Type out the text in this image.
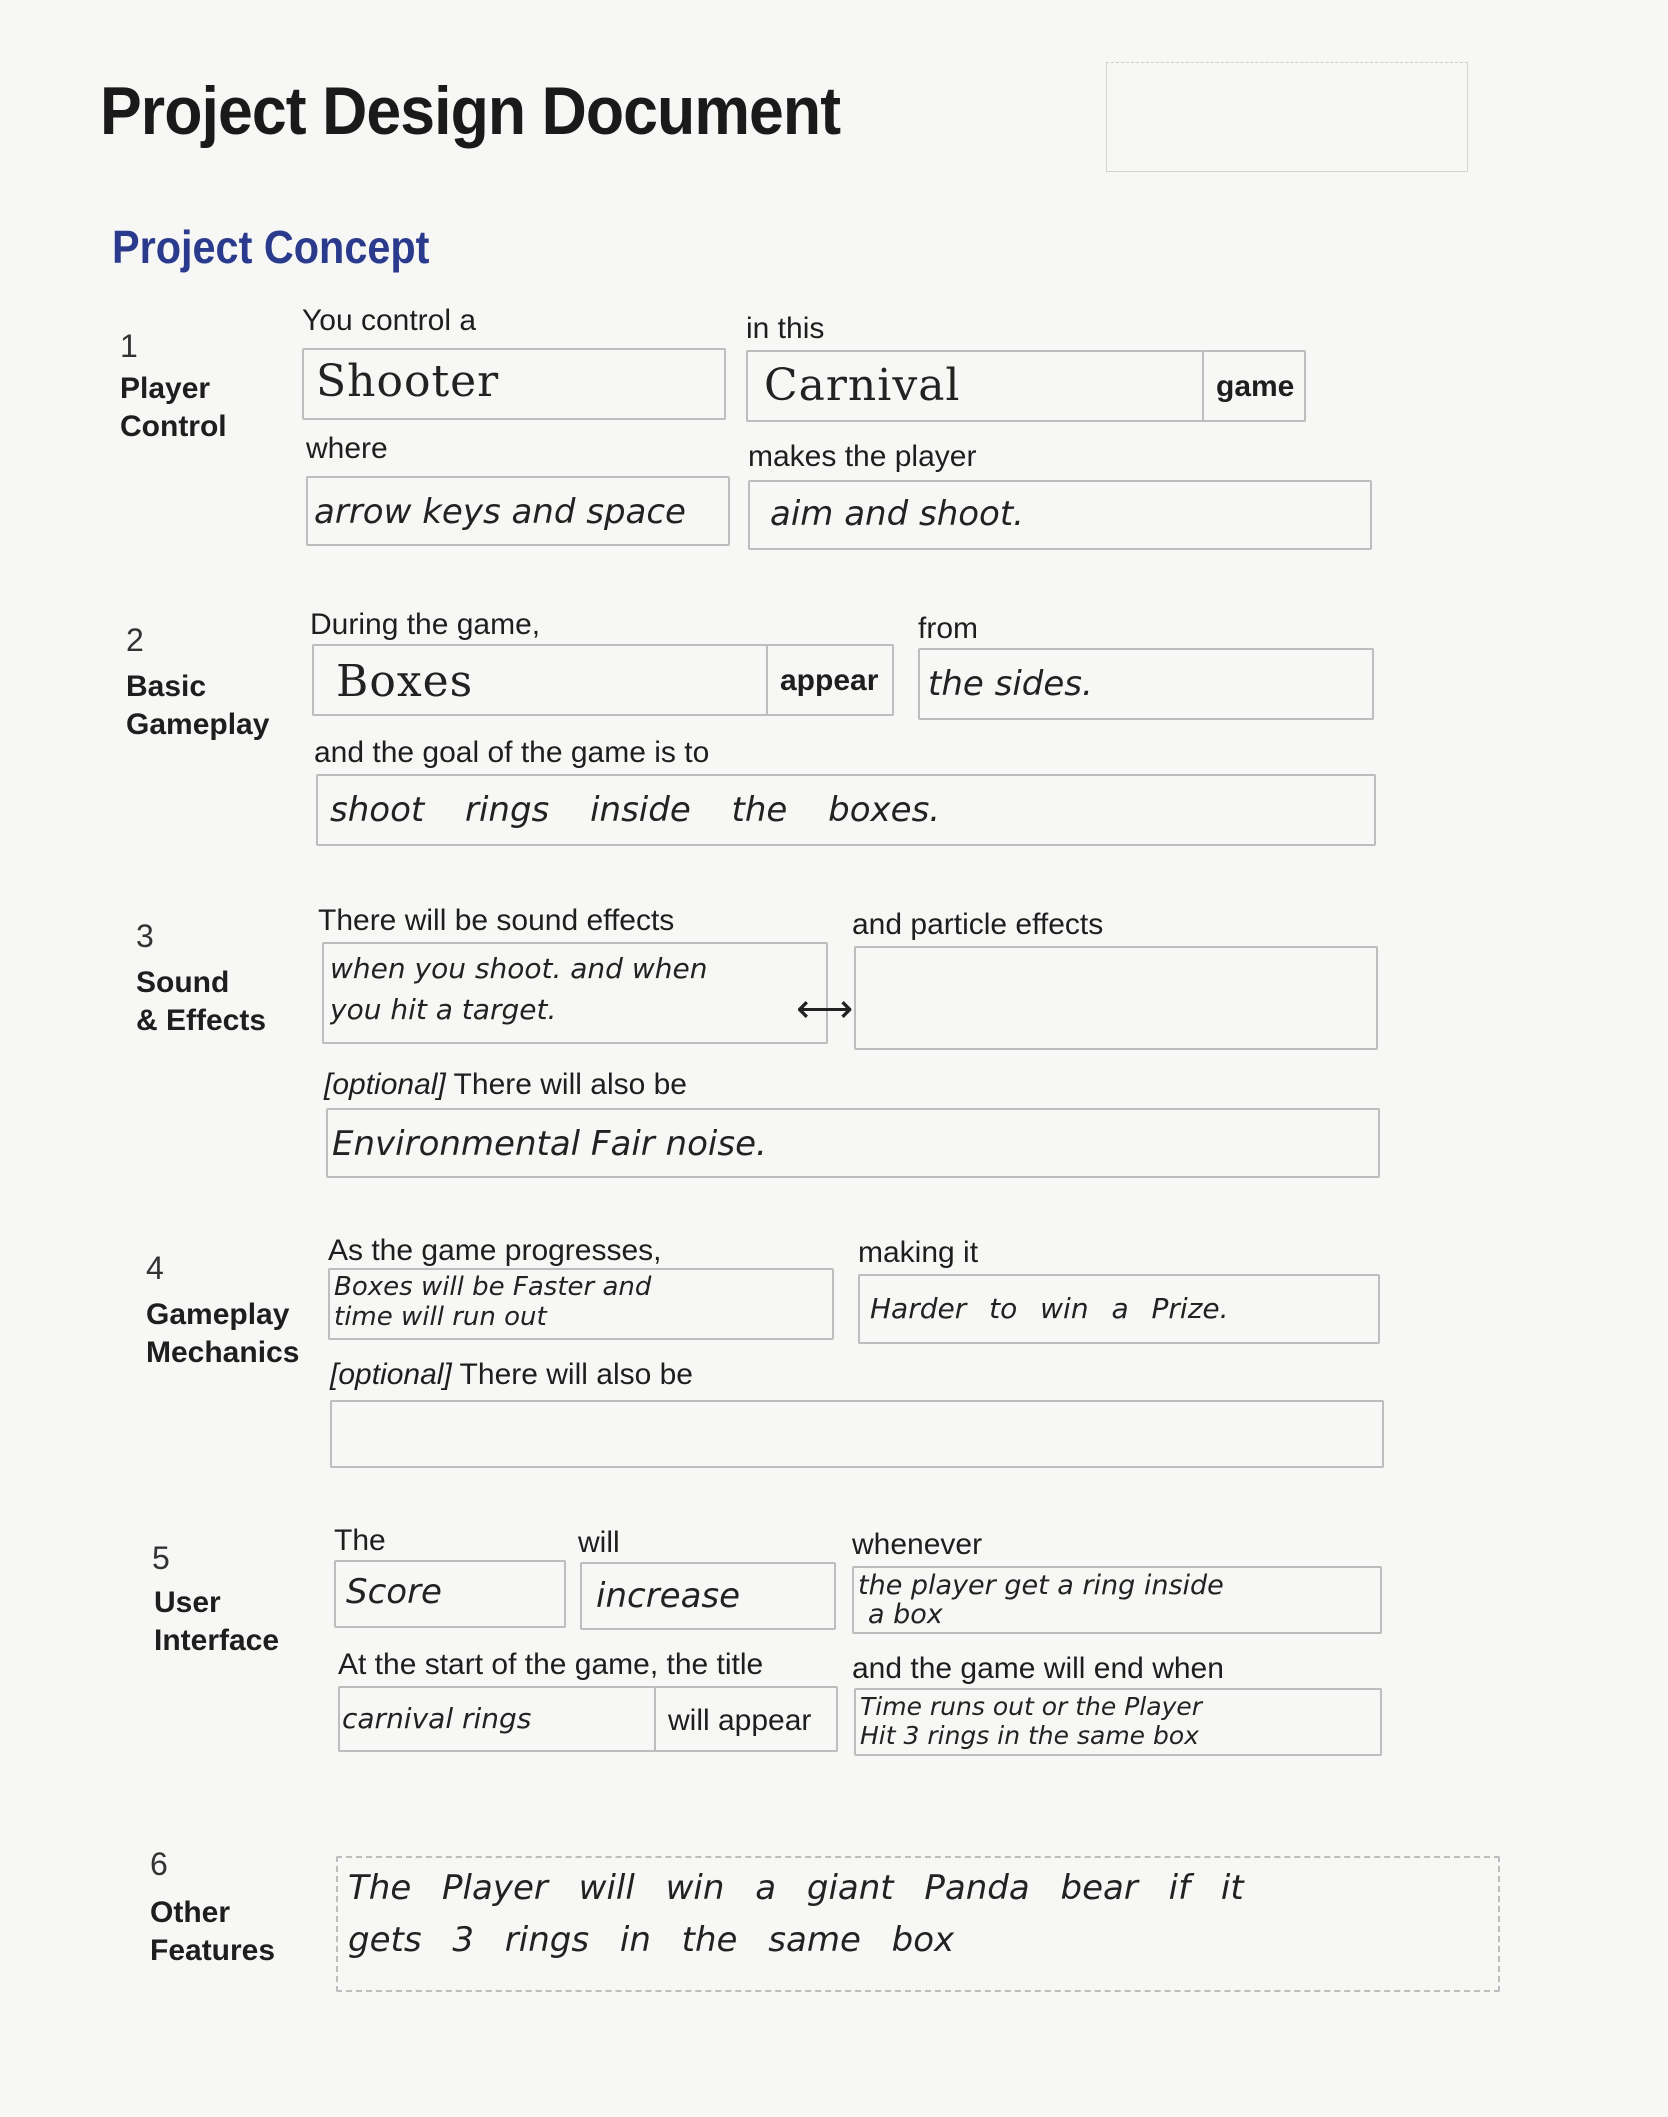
Project Design Document
Project Concept
1
Player
Control
You control a
Shooter
in this
Carnival	game
where
arrow keys and space
makes the player
aim and shoot.
2
Basic
Gameplay
During the game,
Boxes	appear
from
the sides.
and the goal of the game is to
shoot rings inside the boxes.
3
Sound
& Effects
There will be sound effects
when you shoot. and when
you hit a target.	⟷
and particle effects
[optional] There will also be
Environmental Fair noise.
4
Gameplay
Mechanics
As the game progresses,
Boxes will be Faster and
time will run out
making it
Harder to win a Prize.
[optional] There will also be
5
User
Interface
The
Score
will
increase
whenever
the player get a ring inside
a box
At the start of the game, the title
carnival rings	will appear
and the game will end when
Time runs out or the Player
Hit 3 rings in the same box
6
Other
Features
The Player will win a giant Panda bear if it
gets 3 rings in the same box
